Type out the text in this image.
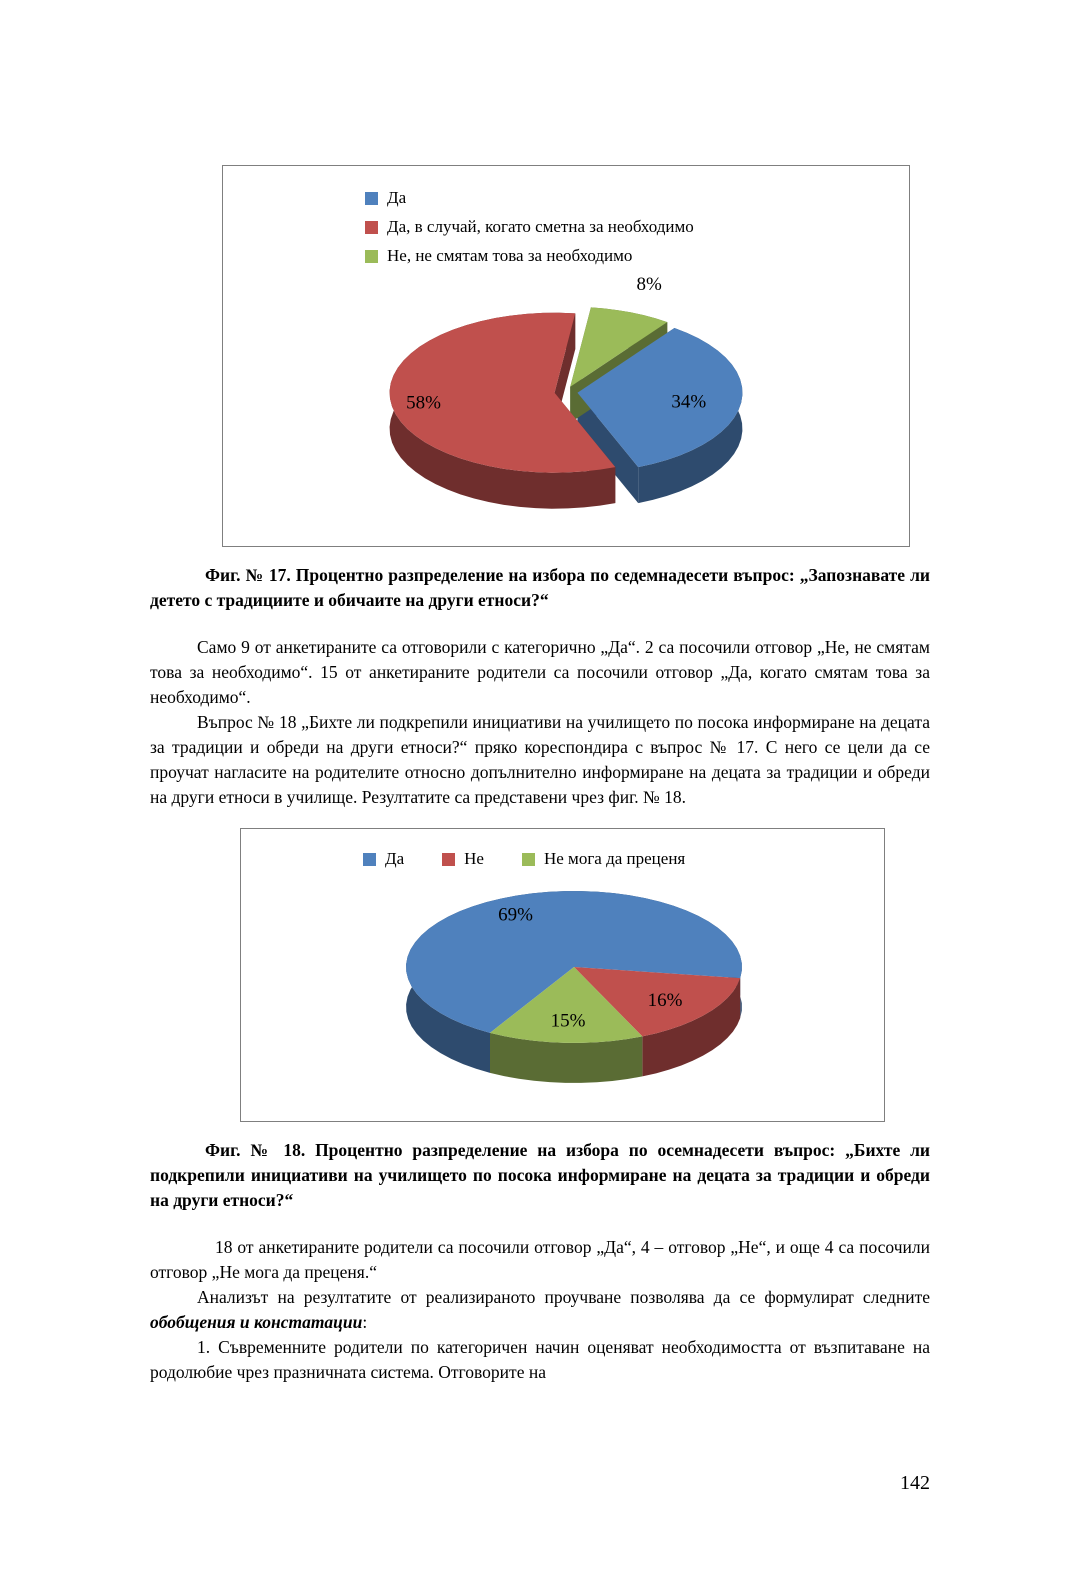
Да
Да, в случай, когато сметна за необходимо
Не, не смятам това за необходимо
34%
58%
8%

Фиг. № 17. Процентно разпределение на избора по седемнадесети въпрос: „Запознавате ли детето с традициите и обичаите на други етноси?“

Само 9 от анкетираните са отговорили с категорично „Да“. 2 са посочили отговор „Не, не смятам това за необходимо“. 15 от анкетираните родители са посочили отговор „Да, когато смятам това за необходимо“.

Въпрос № 18 „Бихте ли подкрепили инициативи на училището по посока информиране на децата за традиции и обреди на други етноси?“ пряко кореспондира с въпрос № 17. С него се цели да се проучат нагласите на родителите относно допълнително информиране на децата за традиции и обреди на други етноси в училище. Резултатите са представени чрез фиг. № 18.

Да	Не	Не мога да преценя
69%
16%
15%

Фиг. № 18. Процентно разпределение на избора по осемнадесети въпрос: „Бихте ли подкрепили инициативи на училището по посока информиране на децата за традиции и обреди на други етноси?“

18 от анкетираните родители са посочили отговор „Да“, 4 – отговор „Не“, и още 4 са посочили отговор „Не мога да преценя.“

Анализът на резултатите от реализираното проучване позволява да се формулират следните обобщения и констатации:

1. Съвременните родители по категоричен начин оценяват необходимостта от възпитаване на родолюбие чрез празничната система. Отговорите на

142
